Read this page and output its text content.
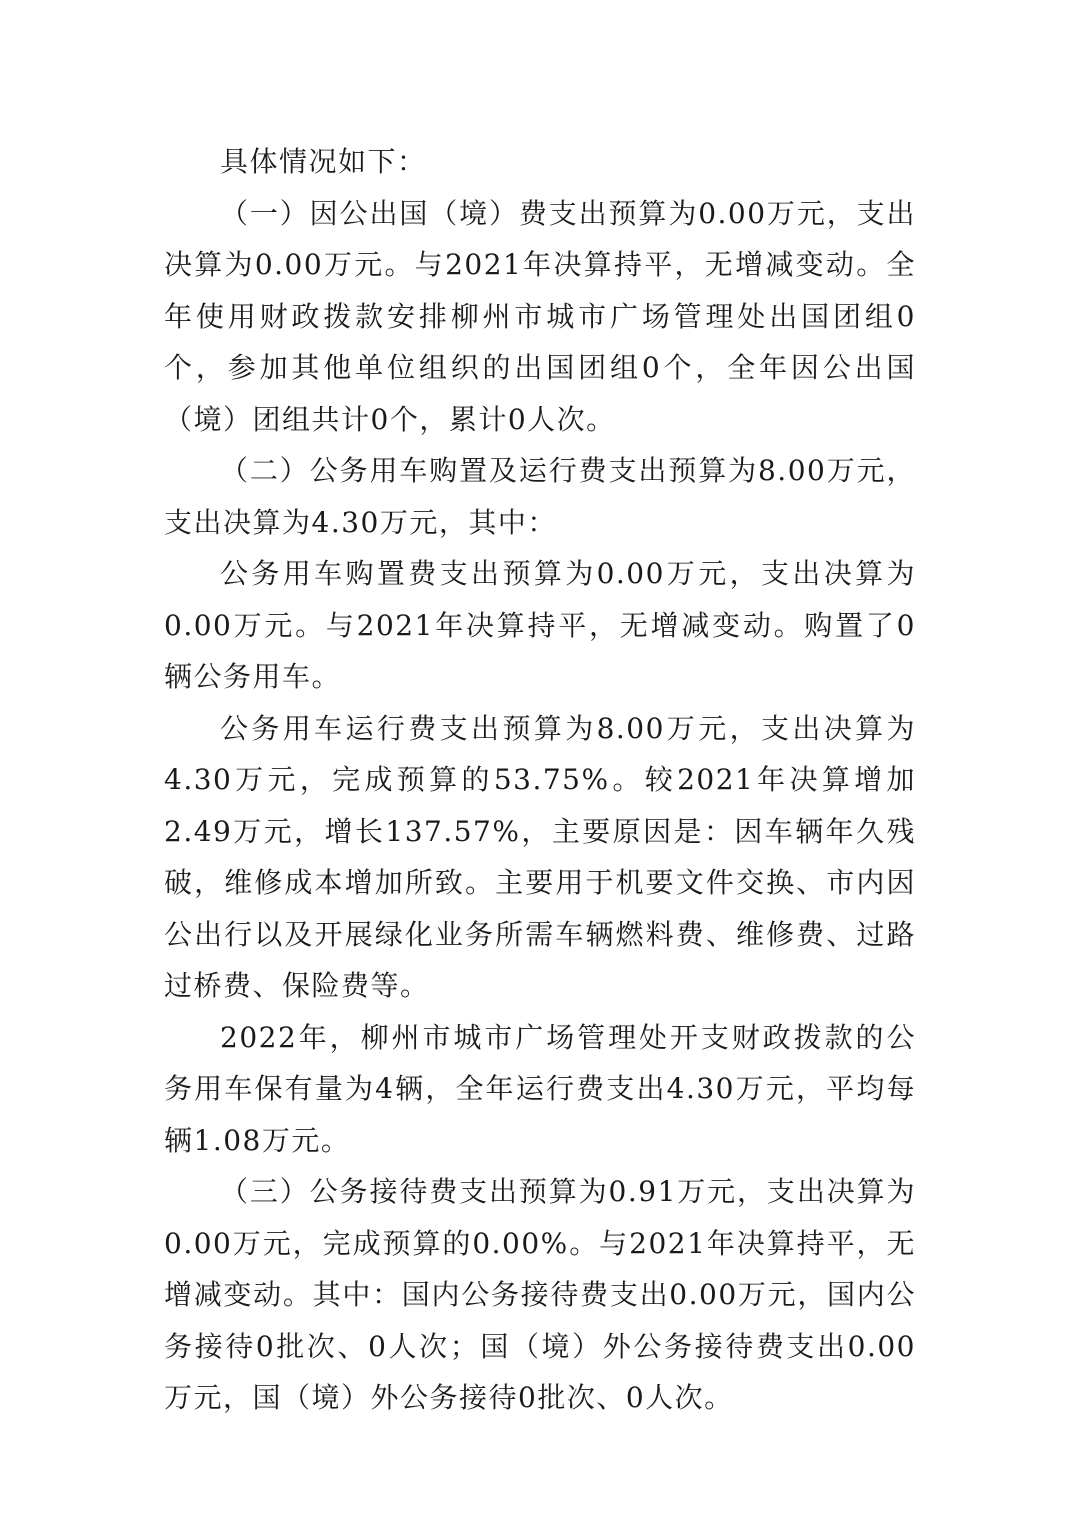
具体情况如下：

（一）因公出国（境）费支出预算为0.00万元，支出决算为0.00万元。与2021年决算持平，无增减变动。全年使用财政拨款安排柳州市城市广场管理处出国团组0个，参加其他单位组织的出国团组0个，全年因公出国（境）团组共计0个，累计0人次。

（二）公务用车购置及运行费支出预算为8.00万元，支出决算为4.30万元，其中：

公务用车购置费支出预算为0.00万元，支出决算为0.00万元。与2021年决算持平，无增减变动。购置了0辆公务用车。

公务用车运行费支出预算为8.00万元，支出决算为4.30万元，完成预算的53.75%。较2021年决算增加2.49万元，增长137.57%，主要原因是：因车辆年久残破，维修成本增加所致。主要用于机要文件交换、市内因公出行以及开展绿化业务所需车辆燃料费、维修费、过路过桥费、保险费等。

2022年，柳州市城市广场管理处开支财政拨款的公务用车保有量为4辆，全年运行费支出4.30万元，平均每辆1.08万元。

（三）公务接待费支出预算为0.91万元，支出决算为0.00万元，完成预算的0.00%。与2021年决算持平，无增减变动。其中：国内公务接待费支出0.00万元，国内公务接待0批次、0人次；国（境）外公务接待费支出0.00万元，国（境）外公务接待0批次、0人次。
